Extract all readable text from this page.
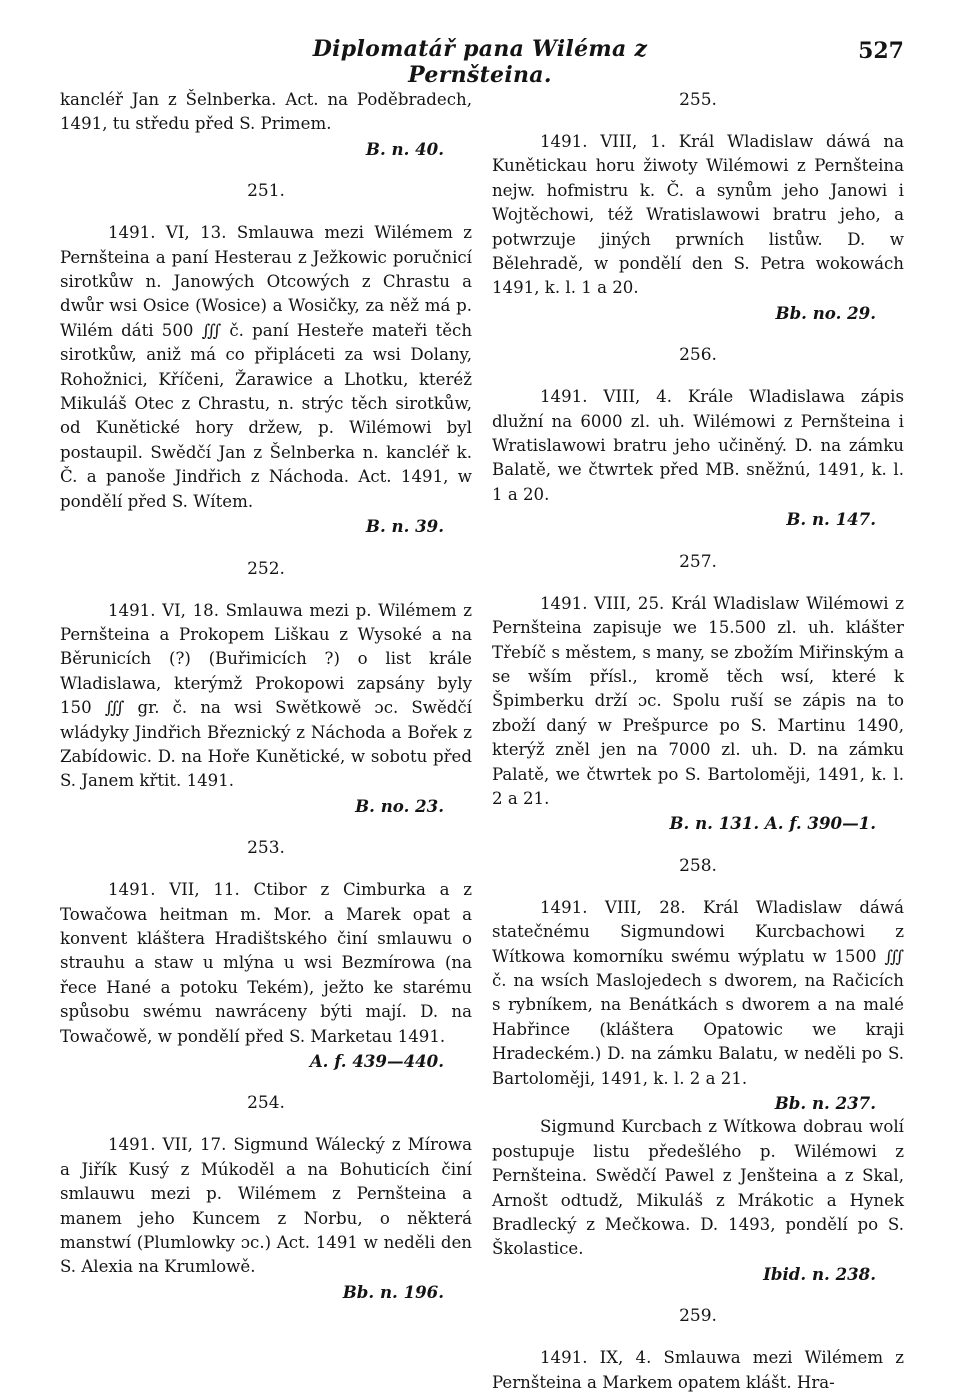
Diplomatář pana Wiléma z Pernšteina.
527

kancléř Jan z Šelnberka. Act. na Poděbradech, 1491, tu středu před S. Primem.

B. n. 40.

251.

1491. VI, 13. Smlauwa mezi Wilémem z Pernšteina a paní Hesterau z Ježkowic poručnicí sirotkůw n. Janowých Otcowých z Chrastu a dwůr wsi Osice (Wosice) a Wosičky, za něž má p. Wilém dáti 500 ∭ č. paní Hesteře mateři těch sirotkůw, aniž má co připláceti za wsi Dolany, Rohožnici, Kříčeni, Žarawice a Lhotku, kteréž Mikuláš Otec z Chrastu, n. strýc těch sirotkůw, od Kunětické hory držew, p. Wilémowi byl postaupil. Swědčí Jan z Šelnberka n. kancléř k. Č. a panoše Jindřich z Náchoda. Act. 1491, w pondělí před S. Wítem.

B. n. 39.

252.

1491. VI, 18. Smlauwa mezi p. Wilémem z Pernšteina a Prokopem Liškau z Wysoké a na Běrunicích (?) (Buřimicích ?) o list krále Wladislawa, kterýmž Prokopowi zapsány byly 150 ∭ gr. č. na wsi Swětkowě ɔc. Swědčí wládyky Jindřich Březnický z Náchoda a Bořek z Zabídowic. D. na Hoře Kunětické, w sobotu před S. Janem křtit. 1491.

B. no. 23.

253.

1491. VII, 11. Ctibor z Cimburka a z Towačowa heitman m. Mor. a Marek opat a konvent kláštera Hradištského činí smlauwu o strauhu a staw u mlýna u wsi Bezmírowa (na řece Hané a potoku Tekém), ježto ke starému spůsobu swému nawráceny býti mají. D. na Towačowě, w pondělí před S. Marketau 1491.

A. f. 439—440.

254.

1491. VII, 17. Sigmund Wálecký z Mírowa a Jiřík Kusý z Múkoděl a na Bohuticích činí smlauwu mezi p. Wilémem z Pernšteina a manem jeho Kuncem z Norbu, o některá manstwí (Plumlowky ɔc.) Act. 1491 w neděli den S. Alexia na Krumlowě.

Bb. n. 196.

255.

1491. VIII, 1. Král Wladislaw dáwá na Kunětickau horu žiwoty Wilémowi z Pernšteina nejw. hofmistru k. Č. a synům jeho Janowi i Wojtěchowi, též Wratislawowi bratru jeho, a potwrzuje jiných prwních listůw. D. w Bělehradě, w pondělí den S. Petra wokowách 1491, k. l. 1 a 20.

Bb. no. 29.

256.

1491. VIII, 4. Krále Wladislawa zápis dlužní na 6000 zl. uh. Wilémowi z Pernšteina i Wratislawowi bratru jeho učiněný. D. na zámku Balatě, we čtwrtek před MB. sněžnú, 1491, k. l. 1 a 20.

B. n. 147.

257.

1491. VIII, 25. Král Wladislaw Wilémowi z Pernšteina zapisuje we 15.500 zl. uh. klášter Třebíč s městem, s many, se zbožím Miřinským a se wším přísl., kromě těch wsí, které k Špimberku drží ɔc. Spolu ruší se zápis na to zboží daný w Prešpurce po S. Martinu 1490, kterýž zněl jen na 7000 zl. uh. D. na zámku Palatě, we čtwrtek po S. Bartoloměji, 1491, k. l. 2 a 21.

B. n. 131. A. f. 390—1.

258.

1491. VIII, 28. Král Wladislaw dáwá statečnému Sigmundowi Kurcbachowi z Wítkowa komorníku swému wýplatu w 1500 ∭ č. na wsích Maslojedech s dworem, na Račicích s rybníkem, na Benátkách s dworem a na malé Habřince (kláštera Opatowic we kraji Hradeckém.) D. na zámku Balatu, w neděli po S. Bartoloměji, 1491, k. l. 2 a 21.

Bb. n. 237.

Sigmund Kurcbach z Wítkowa dobrau wolí postupuje listu předešlého p. Wilémowi z Pernšteina. Swědčí Pawel z Jenšteina a z Skal, Arnošt odtudž, Mikuláš z Mrákotic a Hynek Bradlecký z Mečkowa. D. 1493, pondělí po S. Školastice.

Ibid. n. 238.

259.

1491. IX, 4. Smlauwa mezi Wilémem z Pernšteina a Markem opatem klášt. Hra-
